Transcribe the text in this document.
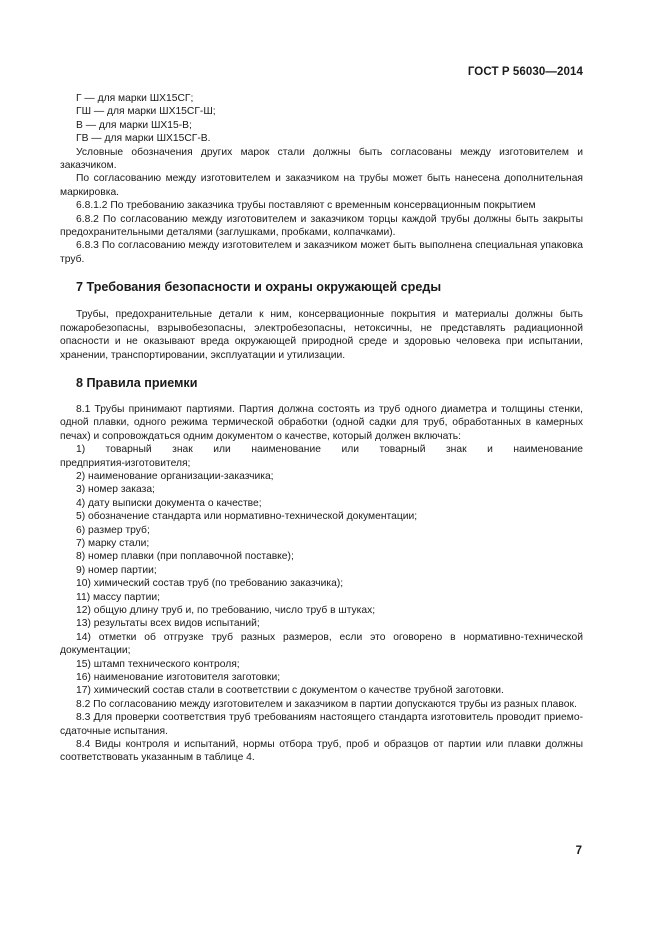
ГОСТ Р 56030—2014

Г — для марки ШХ15СГ;

ГШ — для марки ШХ15СГ-Ш;

В — для марки ШХ15-В;

ГВ — для марки ШХ15СГ-В.

Условные обозначения других марок стали должны быть согласованы между изготовителем и заказчиком.

По согласованию между изготовителем и заказчиком на трубы может быть нанесена дополнительная маркировка.

6.8.1.2 По требованию заказчика трубы поставляют с временным консервационным покрытием

6.8.2 По согласованию между изготовителем и заказчиком торцы каждой трубы должны быть закрыты предохранительными деталями (заглушками, пробками, колпачками).

6.8.3 По согласованию между изготовителем и заказчиком может быть выполнена специальная упаковка труб.

7 Требования безопасности и охраны окружающей среды

Трубы, предохранительные детали к ним, консервационные покрытия и материалы должны быть пожаробезопасны, взрывобезопасны, электробезопасны, нетоксичны, не представлять радиационной опасности и не оказывают вреда окружающей природной среде и здоровью человека при испытании, хранении, транспортировании, эксплуатации и утилизации.

8 Правила приемки

8.1 Трубы принимают партиями. Партия должна состоять из труб одного диаметра и толщины стенки, одной плавки, одного режима термической обработки (одной садки для труб, обработанных в камерных печах) и сопровождаться одним документом о качестве, который должен включать:

1) товарный знак или наименование или товарный знак и наименование предприятия-изготовителя;

2) наименование организации-заказчика;

3) номер заказа;

4) дату выписки документа о качестве;

5) обозначение стандарта или нормативно-технической документации;

6) размер труб;

7) марку стали;

8) номер плавки (при поплавочной поставке);

9) номер партии;

10) химический состав труб (по требованию заказчика);

11) массу партии;

12) общую длину труб и, по требованию, число труб в штуках;

13) результаты всех видов испытаний;

14) отметки об отгрузке труб разных размеров, если это оговорено в нормативно-технической документации;

15) штамп технического контроля;

16) наименование изготовителя заготовки;

17) химический состав стали в соответствии с документом о качестве трубной заготовки.

8.2 По согласованию между изготовителем и заказчиком в партии допускаются трубы из разных плавок.

8.3 Для проверки соответствия труб требованиям настоящего стандарта изготовитель проводит приемо-сдаточные испытания.

8.4 Виды контроля и испытаний, нормы отбора труб, проб и образцов от партии или плавки должны соответствовать указанным в таблице 4.

7
